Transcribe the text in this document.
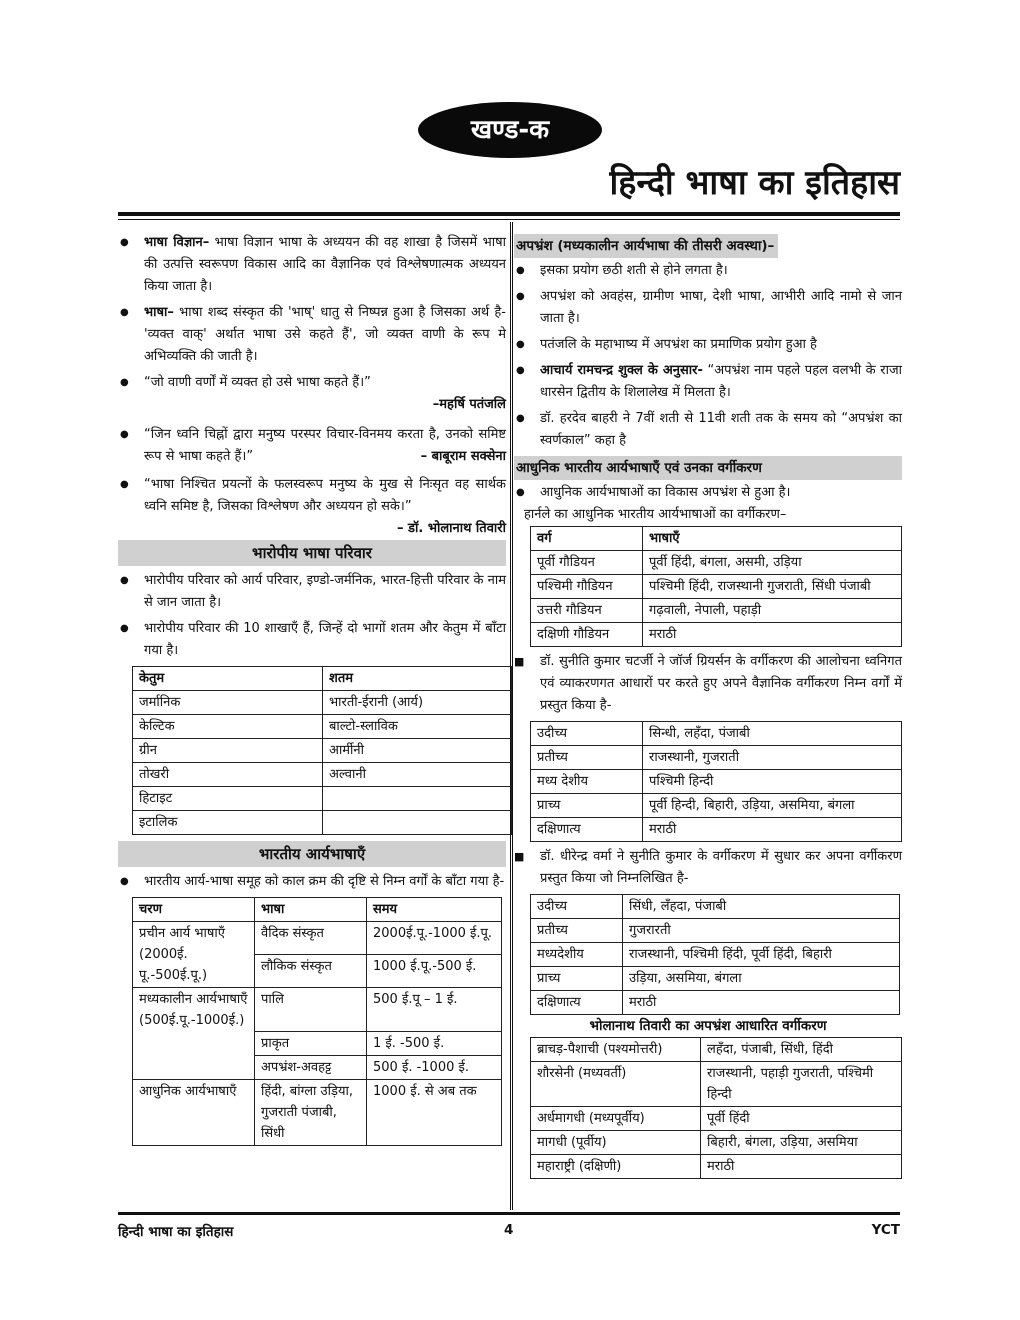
खण्ड-क
हिन्दी भाषा का इतिहास
● भाषा विज्ञान– भाषा विज्ञान भाषा के अध्ययन की वह शाखा है जिसमें भाषा की उत्पत्ति स्वरूपण विकास आदि का वैज्ञानिक एवं विश्लेषणात्मक अध्ययन किया जाता है।
● भाषा– भाषा शब्द संस्कृत की 'भाष्' धातु से निष्पन्न हुआ है जिसका अर्थ है- 'व्यक्त वाक्' अर्थात भाषा उसे कहते हैं', जो व्यक्त वाणी के रूप मे अभिव्यक्ति की जाती है।
● “जो वाणी वर्णों में व्यक्त हो उसे भाषा कहते हैं।”
–महर्षि पतंजलि
● “जिन ध्वनि चिह्नों द्वारा मनुष्य परस्पर विचार-विनमय करता है, उनको समिष्ट रूप से भाषा कहते हैं।”	– बाबूराम सक्सेना
● “भाषा निश्चित प्रयत्नों के फलस्वरूप मनुष्य के मुख से निःसृत वह सार्थक ध्वनि समिष्ट है, जिसका विश्लेषण और अध्ययन हो सके।”
– डॉ. भोलानाथ तिवारी
भारोपीय भाषा परिवार
● भारोपीय परिवार को आर्य परिवार, इण्डो-जर्मनिक, भारत-हित्ती परिवार के नाम से जान जाता है।
● भारोपीय परिवार की 10 शाखाएँ हैं, जिन्हें दो भागों शतम और केतुम में बाँटा गया है।
केतुम	शतम
जर्मानिक	भारती-ईरानी (आर्य)
केल्टिक	बाल्टो-स्लाविक
ग्रीन	आर्मीनी
तोखरी	अल्वानी
हिटाइट	
इटालिक	
भारतीय आर्यभाषाएँ
● भारतीय आर्य-भाषा समूह को काल क्रम की दृष्टि से निम्न वर्गों के बाँटा गया है-
चरण	भाषा	समय
प्रचीन आर्य भाषाएँ (2000ई. पू.-500ई.पू.)	वैदिक संस्कृत	2000ई.पू.-1000 ई.पू.
	लौकिक संस्कृत	1000 ई.पू.-500 ई.
मध्यकालीन आर्यभाषाएँ (500ई.पू.-1000ई.)	पालि	500 ई.पू – 1 ई.
	प्राकृत	1 ई. -500 ई.
	अपभ्रंश-अवहट्ट	500 ई. -1000 ई.
आधुनिक आर्यभाषाएँ	हिंदी, बांग्ला उड़िया, गुजराती पंजाबी, सिंधी	1000 ई. से अब तक
अपभ्रंश (मध्यकालीन आर्यभाषा की तीसरी अवस्था)–
● इसका प्रयोग छठी शती से होने लगता है।
● अपभ्रंश को अवहंस, ग्रामीण भाषा, देशी भाषा, आभीरी आदि नामो से जान जाता है।
● पतंजलि के महाभाष्य में अपभ्रंश का प्रमाणिक प्रयोग हुआ है
● आचार्य रामचन्द्र शुक्ल के अनुसार- “अपभ्रंश नाम पहले पहल वलभी के राजा धारसेन द्वितीय के शिलालेख में मिलता है।
● डॉ. हरदेव बाहरी ने 7वीं शती से 11वी शती तक के समय को “अपभ्रंश का स्वर्णकाल” कहा है
आधुनिक भारतीय आर्यभाषाएँ एवं उनका वर्गीकरण
● आधुनिक आर्यभाषाओं का विकास अपभ्रंश से हुआ है।
हार्नले का आधुनिक भारतीय आर्यभाषाओं का वर्गीकरण–
वर्ग	भाषाएँ
पूर्वी गौडियन	पूर्वी हिंदी, बंगला, असमी, उड़िया
पश्चिमी गौडियन	पश्चिमी हिंदी, राजस्थानी गुजराती, सिंधी पंजाबी
उत्तरी गौडियन	गढ़वाली, नेपाली, पहाड़ी
दक्षिणी गौडियन	मराठी
■ डॉ. सुनीति कुमार चटर्जी ने जॉर्ज ग्रियर्सन के वर्गीकरण की आलोचना ध्वनिगत एवं व्याकरणगत आधारों पर करते हुए अपने वैज्ञानिक वर्गीकरण निम्न वर्गों में प्रस्तुत किया है-
उदीच्य	सिन्धी, लहँदा, पंजाबी
प्रतीच्य	राजस्थानी, गुजराती
मध्य देशीय	पश्चिमी हिन्दी
प्राच्य	पूर्वी हिन्दी, बिहारी, उड़िया, असमिया, बंगला
दक्षिणात्य	मराठी
■ डॉ. धीरेन्द्र वर्मा ने सुनीति कुमार के वर्गीकरण में सुधार कर अपना वर्गीकरण प्रस्तुत किया जो निम्नलिखित है-
उदीच्य	सिंधी, लँहदा, पंजाबी
प्रतीच्य	गुजरारती
मध्यदेशीय	राजस्थानी, पश्चिमी हिंदी, पूर्वी हिंदी, बिहारी
प्राच्य	उड़िया, असमिया, बंगला
दक्षिणात्य	मराठी
भोलानाथ तिवारी का अपभ्रंश आधारित वर्गीकरण
ब्राचड़-पैशाची (पश्यमोत्तरी)	लहँदा, पंजाबी, सिंधी, हिंदी
शौरसेनी (मध्यवर्ती)	राजस्थानी, पहाड़ी गुजराती, पश्चिमी हिन्दी
अर्धमागधी (मध्यपूर्वीय)	पूर्वी हिंदी
मागधी (पूर्वीय)	बिहारी, बंगला, उड़िया, असमिया
महाराष्ट्री (दक्षिणी)	मराठी
हिन्दी भाषा का इतिहास	4	YCT
